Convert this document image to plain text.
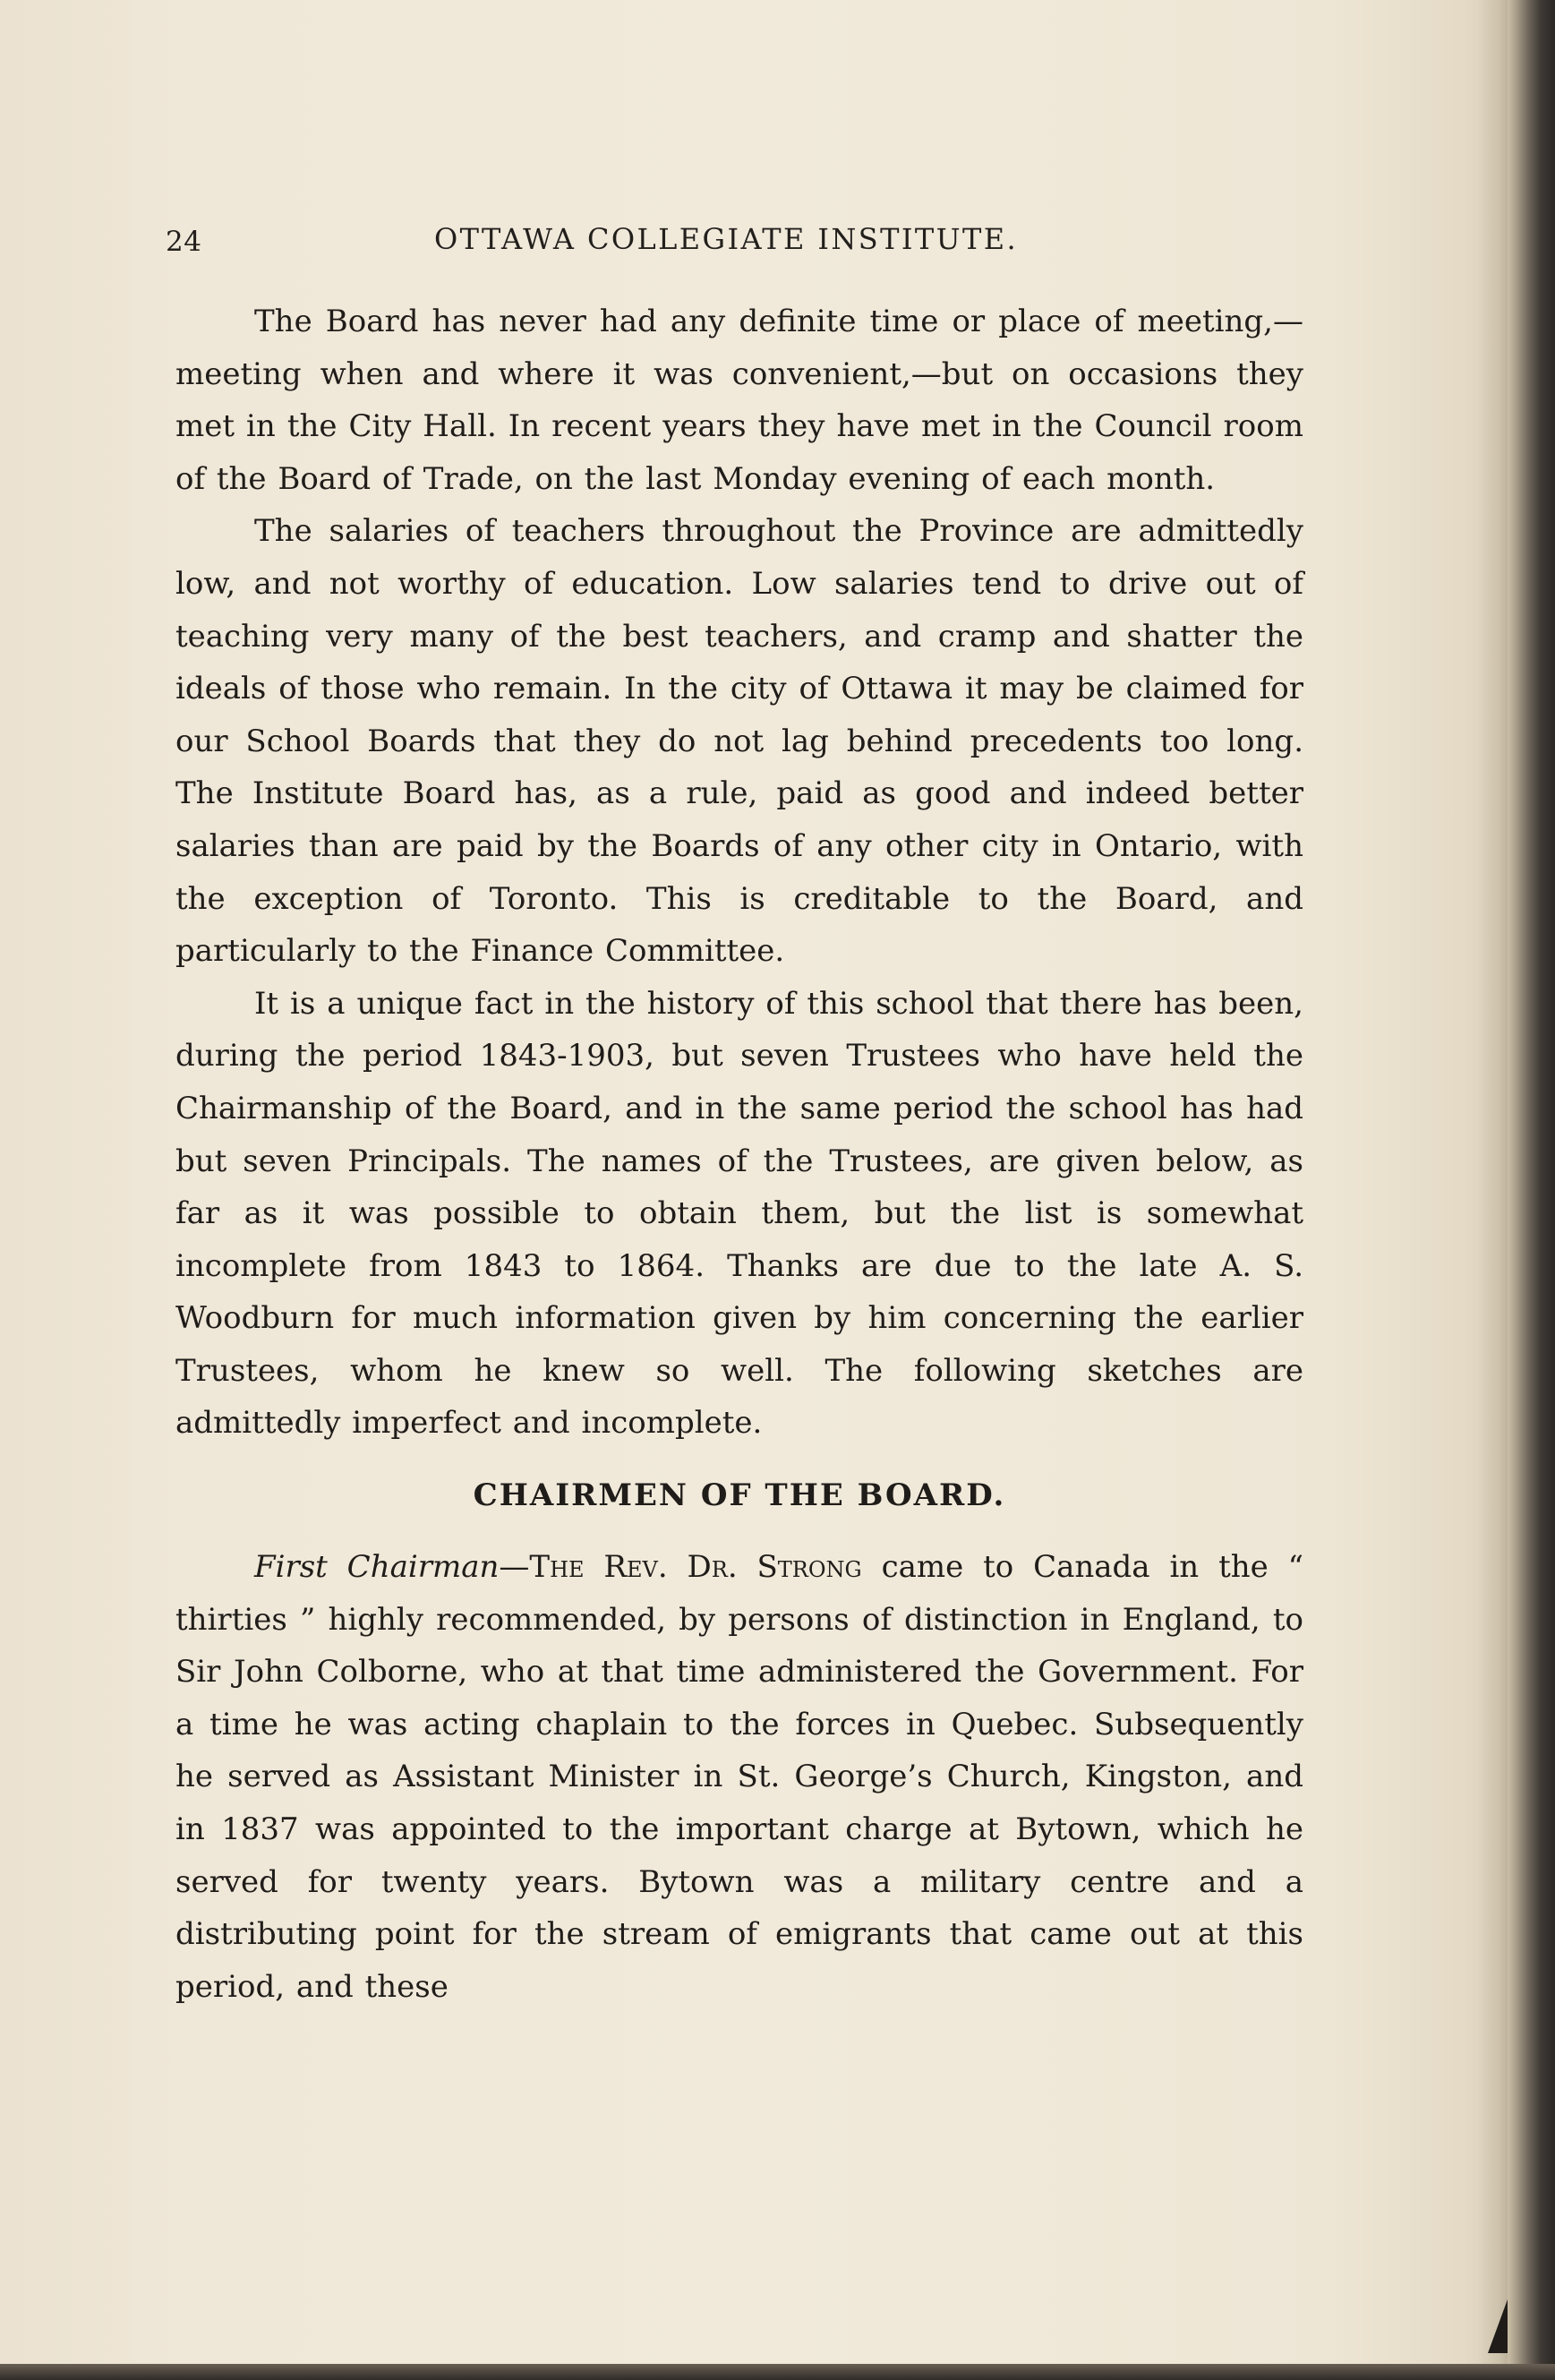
24	OTTAWA COLLEGIATE INSTITUTE.

The Board has never had any definite time or place of meeting,—meeting when and where it was convenient,—but on occasions they met in the City Hall. In recent years they have met in the Council room of the Board of Trade, on the last Monday evening of each month.

The salaries of teachers throughout the Province are admittedly low, and not worthy of education. Low salaries tend to drive out of teaching very many of the best teachers, and cramp and shatter the ideals of those who remain. In the city of Ottawa it may be claimed for our School Boards that they do not lag behind precedents too long. The Institute Board has, as a rule, paid as good and indeed better salaries than are paid by the Boards of any other city in Ontario, with the exception of Toronto. This is creditable to the Board, and particularly to the Finance Committee.

It is a unique fact in the history of this school that there has been, during the period 1843-1903, but seven Trustees who have held the Chairmanship of the Board, and in the same period the school has had but seven Principals. The names of the Trustees, are given below, as far as it was possible to obtain them, but the list is somewhat incomplete from 1843 to 1864. Thanks are due to the late A. S. Woodburn for much information given by him concerning the earlier Trustees, whom he knew so well. The following sketches are admittedly imperfect and incomplete.

CHAIRMEN OF THE BOARD.

First Chairman—The Rev. Dr. Strong came to Canada in the “ thirties ” highly recommended, by persons of distinction in England, to Sir John Colborne, who at that time administered the Government. For a time he was acting chaplain to the forces in Quebec. Subsequently he served as Assistant Minister in St. George’s Church, Kingston, and in 1837 was appointed to the important charge at Bytown, which he served for twenty years. Bytown was a military centre and a distributing point for the stream of emigrants that came out at this period, and these
